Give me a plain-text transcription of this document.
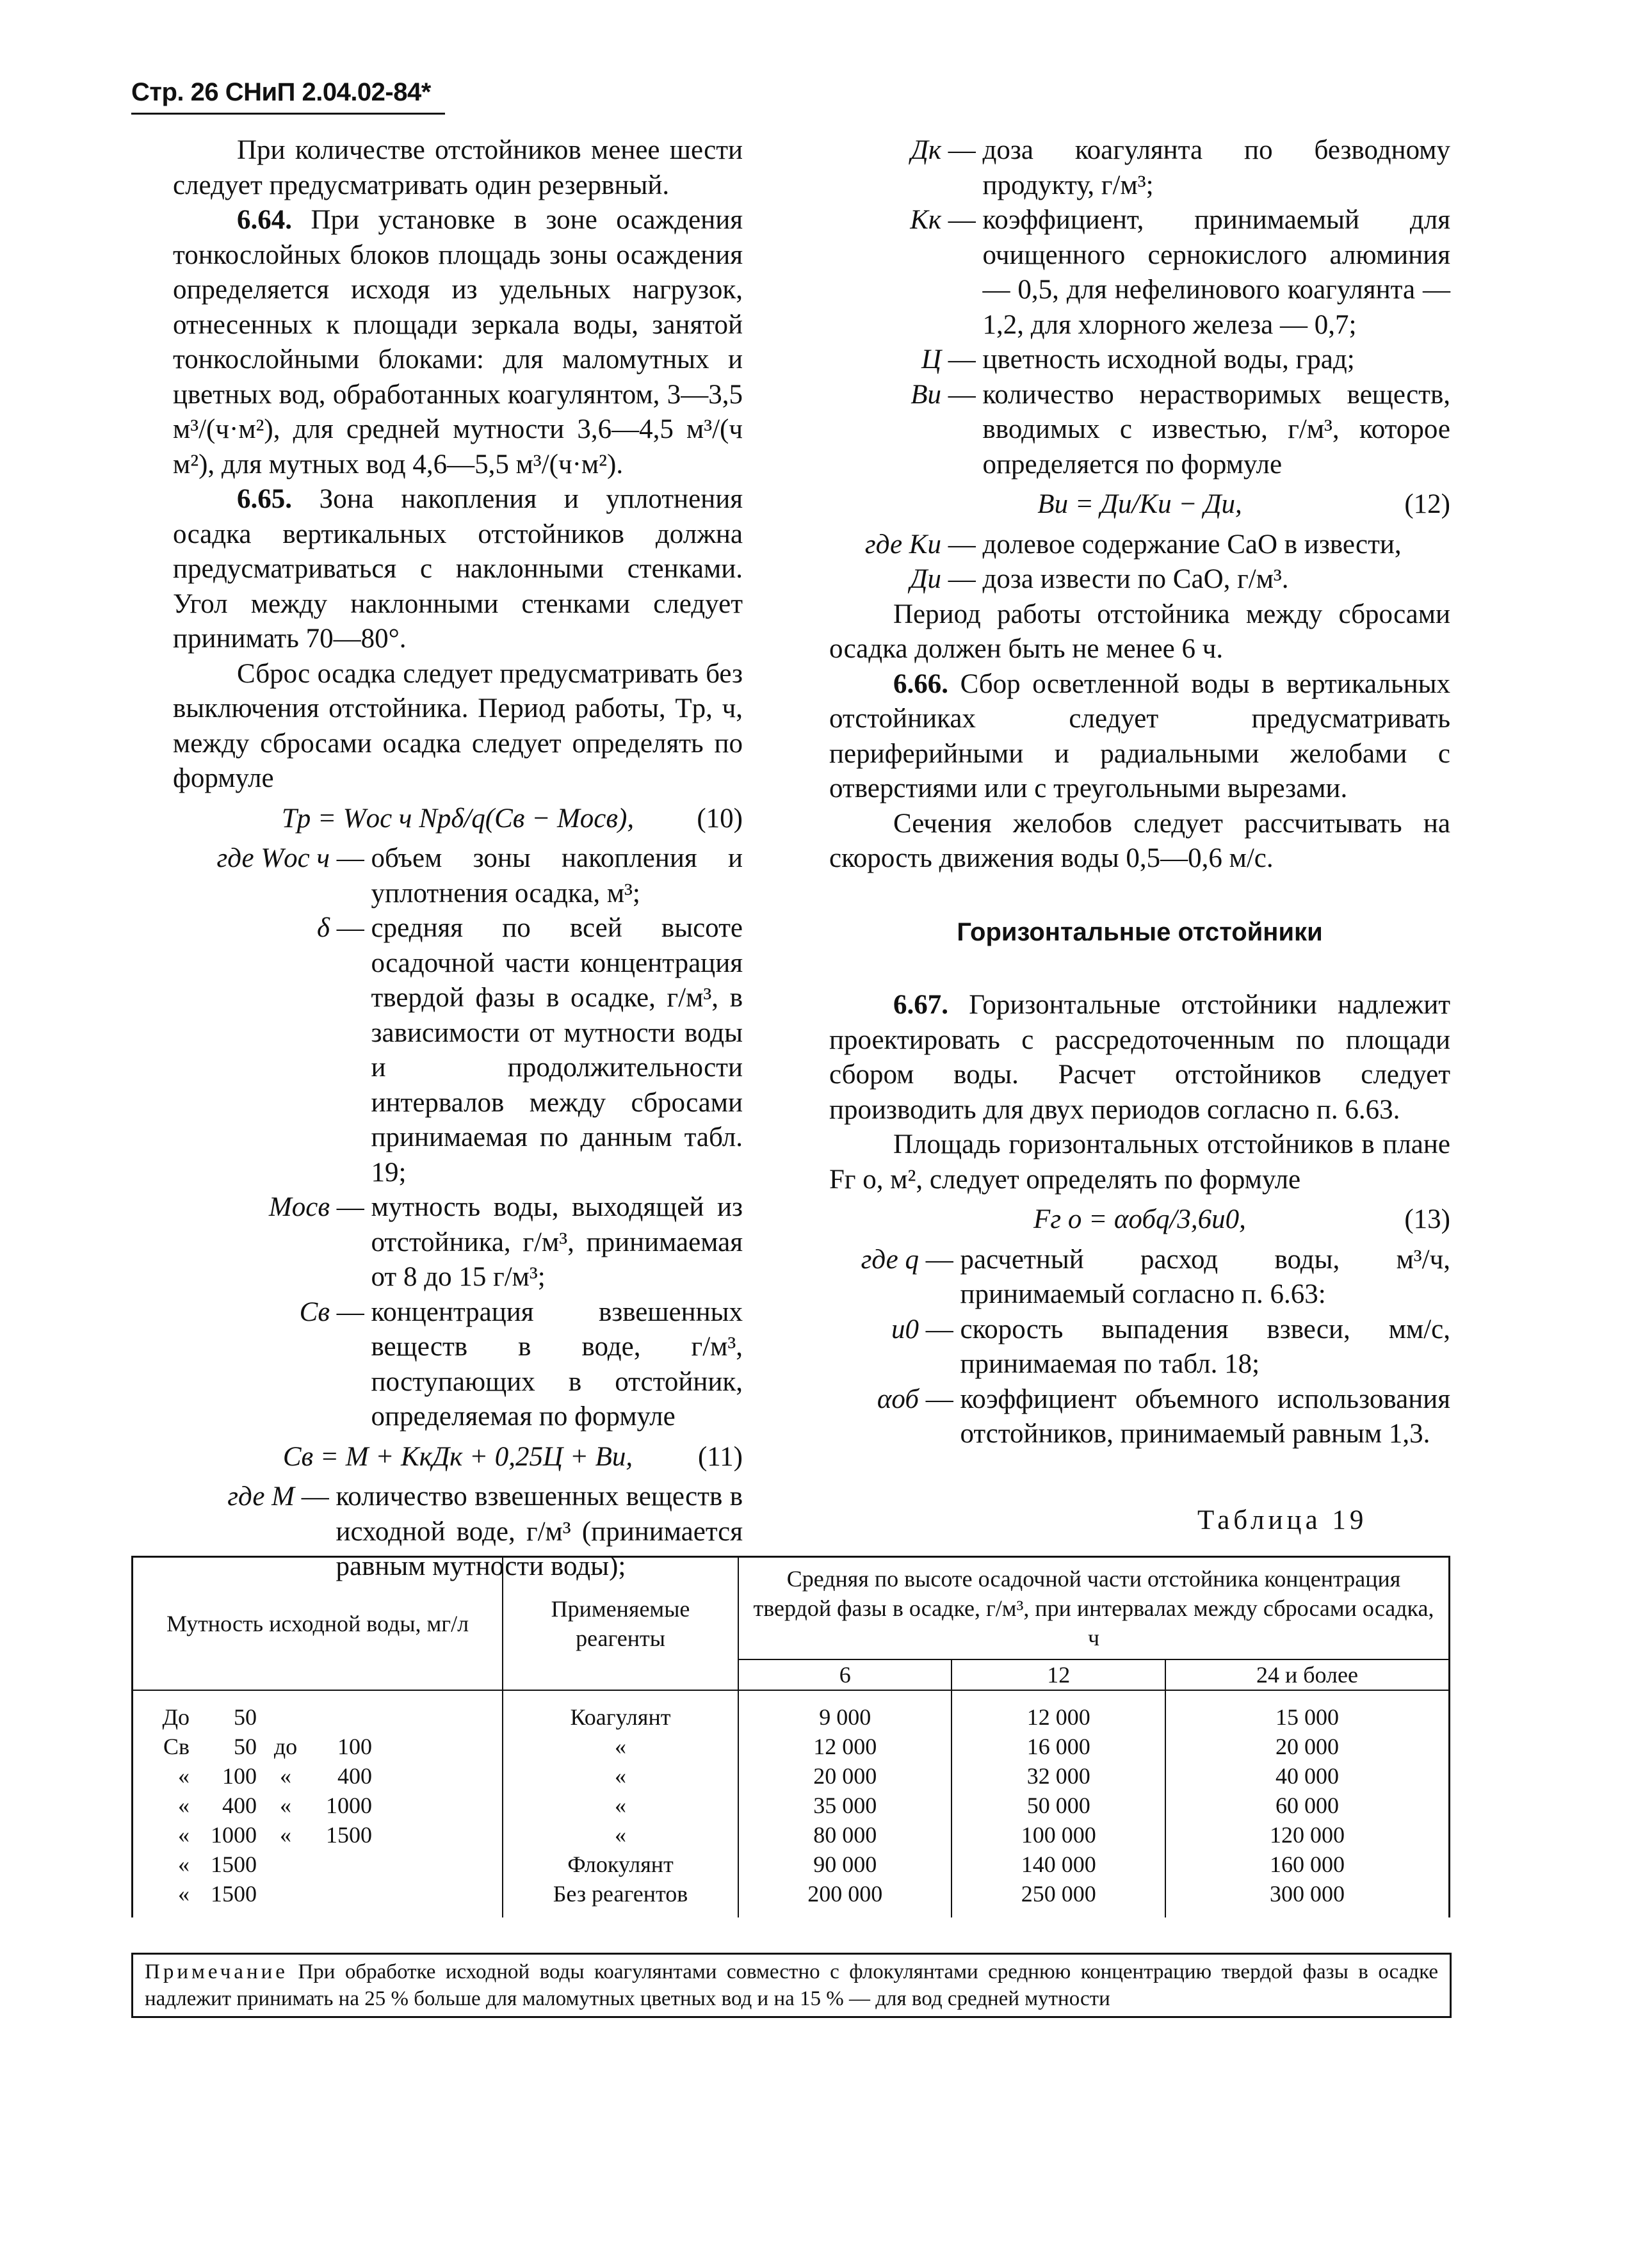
Стр. 26 СНиП 2.04.02-84*

При количестве отстойников менее шести следует предусматривать один резервный.

6.64. При установке в зоне осаждения тонкослойных блоков площадь зоны осаждения определяется исходя из удельных нагрузок, отнесенных к площади зеркала воды, занятой тонкослойными блоками: для маломутных и цветных вод, обработанных коагулянтом, 3—3,5 м³/(ч·м²), для средней мутности 3,6—4,5 м³/(ч м²), для мутных вод 4,6—5,5 м³/(ч·м²).

6.65. Зона накопления и уплотнения осадка вертикальных отстойников должна предусматриваться с наклонными стенками. Угол между наклонными стенками следует принимать 70—80°.

Сброс осадка следует предусматривать без выключения отстойника. Период работы, Tр, ч, между сбросами осадка следует определять по формуле

Tр = Wос ч Nрδ/q(Cв − Mосв), (10)
где Wос ч — объем зоны накопления и уплотнения осадка, м³;
δ — средняя по всей высоте осадочной части концентрация твердой фазы в осадке, г/м³, в зависимости от мутности воды и продолжительности интервалов между сбросами принимаемая по данным табл. 19;
Mосв — мутность воды, выходящей из отстойника, г/м³, принимаемая от 8 до 15 г/м³;
Cв — концентрация взвешенных веществ в воде, г/м³, поступающих в отстойник, определяемая по формуле
Cв = M + KкДк + 0,25Ц + Bи, (11)
где M — количество взвешенных веществ в исходной воде, г/м³ (принимается равным мутности воды);
Дк — доза коагулянта по безводному продукту, г/м³;
Kк — коэффициент, принимаемый для очищенного сернокислого алюминия — 0,5, для нефелинового коагулянта — 1,2, для хлорного железа — 0,7;
Ц — цветность исходной воды, град;
Bи — количество нерастворимых веществ, вводимых с известью, г/м³, которое определяется по формуле
Bи = Ди/Kи − Ди,	(12)
где Kи — долевое содержание СаО в извести,
Ди — доза извести по СаО, г/м³.

Период работы отстойника между сбросами осадка должен быть не менее 6 ч.

6.66. Сбор осветленной воды в вертикальных отстойниках следует предусматривать периферийными и радиальными желобами с отверстиями или с треугольными вырезами.

Сечения желобов следует рассчитывать на скорость движения воды 0,5—0,6 м/с.

Горизонтальные отстойники

6.67. Горизонтальные отстойники надлежит проектировать с рассредоточенным по площади сбором воды. Расчет отстойников следует производить для двух периодов согласно п. 6.63.

Площадь горизонтальных отстойников в плане Fг о, м², следует определять по формуле

Fг о = αобq/3,6u0,	(13)
где q — расчетный расход воды, м³/ч, принимаемый согласно п. 6.63:
u0 — скорость выпадения взвеси, мм/с, принимаемая по табл. 18;
αоб — коэффициент объемного использования отстойников, принимаемый равным 1,3.
Таблица 19
Мутность исходной воды, мг/л	Применяемые реагенты	Средняя по высоте осадочной части отстойника концентрация твердой фазы в осадке, г/м³, при интервалах между сбросами осадка, ч		
		6	12	24 и более
До 50	Коагулянт	9 000	12 000	15 000
Св 50 до 100	«	12 000	16 000	20 000
« 100 « 400	«	20 000	32 000	40 000
« 400 « 1000	«	35 000	50 000	60 000
« 1000 « 1500	«	80 000	100 000	120 000
« 1500	Флокулянт	90 000	140 000	160 000
« 1500	Без реагентов	200 000	250 000	300 000
Примечание При обработке исходной воды коагулянтами совместно с флокулянтами среднюю концентрацию твердой фазы в осадке надлежит принимать на 25 % больше для маломутных цветных вод и на 15 % — для вод средней мутности
